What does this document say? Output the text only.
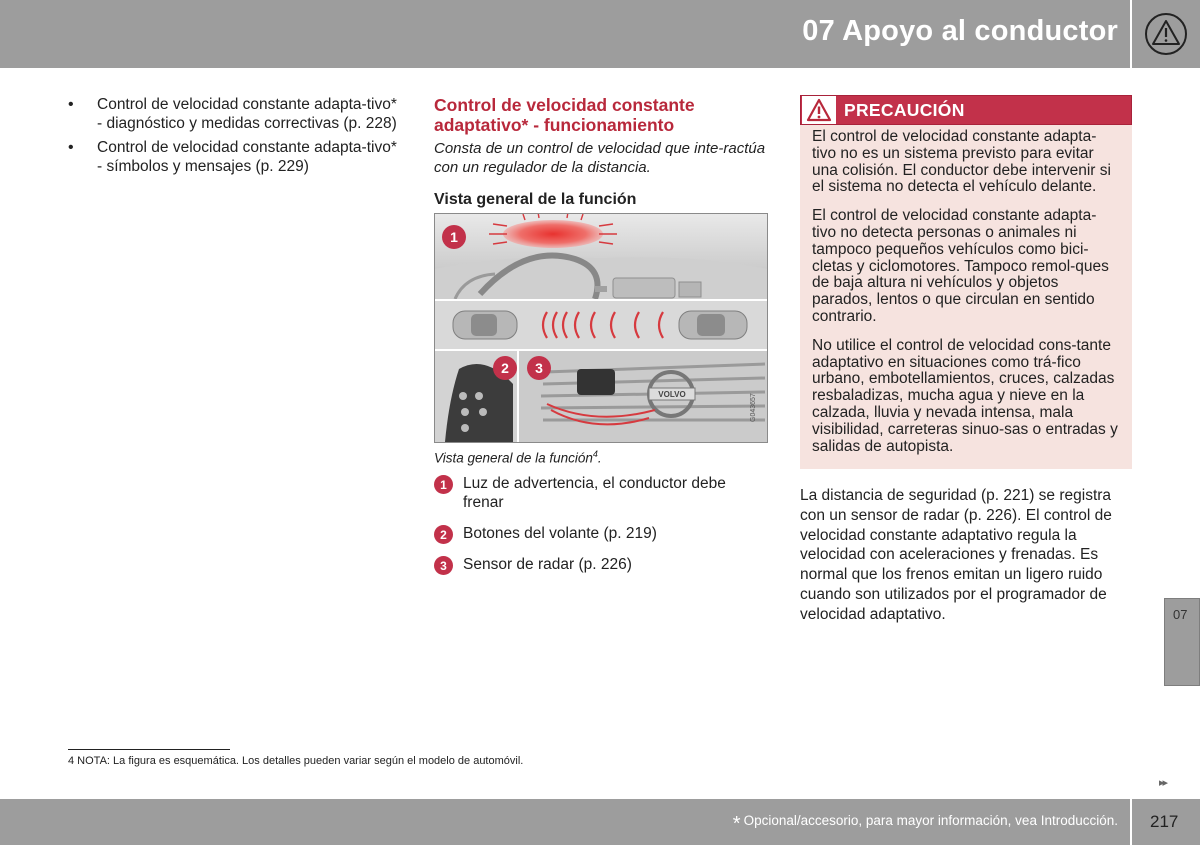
07 Apoyo al conductor
• Control de velocidad constante adapta-tivo* - diagnóstico y medidas correctivas (p. 228)
• Control de velocidad constante adapta-tivo* - símbolos y mensajes (p. 229)
Control de velocidad constante adaptativo* - funcionamiento

Consta de un control de velocidad que inte-ractúa con un regulador de la distancia.

Vista general de la función
1
2
VOLVO
3
G043657

Vista general de la función$^4$.

1 Luz de advertencia, el conductor debe frenar
2 Botones del volante (p. 219)
3 Sensor de radar (p. 226)
PRECAUCIÓN

El control de velocidad constante adapta-tivo no es un sistema previsto para evitar una colisión. El conductor debe intervenir si el sistema no detecta el vehículo delante.

El control de velocidad constante adapta-tivo no detecta personas o animales ni tampoco pequeños vehículos como bici-cletas y ciclomotores. Tampoco remol-ques de baja altura ni vehículos y objetos parados, lentos o que circulan en sentido contrario.

No utilice el control de velocidad cons-tante adaptativo en situaciones como trá-fico urbano, embotellamientos, cruces, calzadas resbaladizas, mucha agua y nieve en la calzada, lluvia y nevada intensa, mala visibilidad, carreteras sinuo-sas o entradas y salidas de autopista.

La distancia de seguridad (p. 221) se registra con un sensor de radar (p. 226). El control de velocidad constante adaptativo regula la velocidad con aceleraciones y frenadas. Es normal que los frenos emitan un ligero ruido cuando son utilizados por el programador de velocidad adaptativo.	07

4 NOTA: La figura es esquemática. Los detalles pueden variar según el modelo de automóvil.

▸▸
* Opcional/accesorio, para mayor información, vea Introducción. 217
